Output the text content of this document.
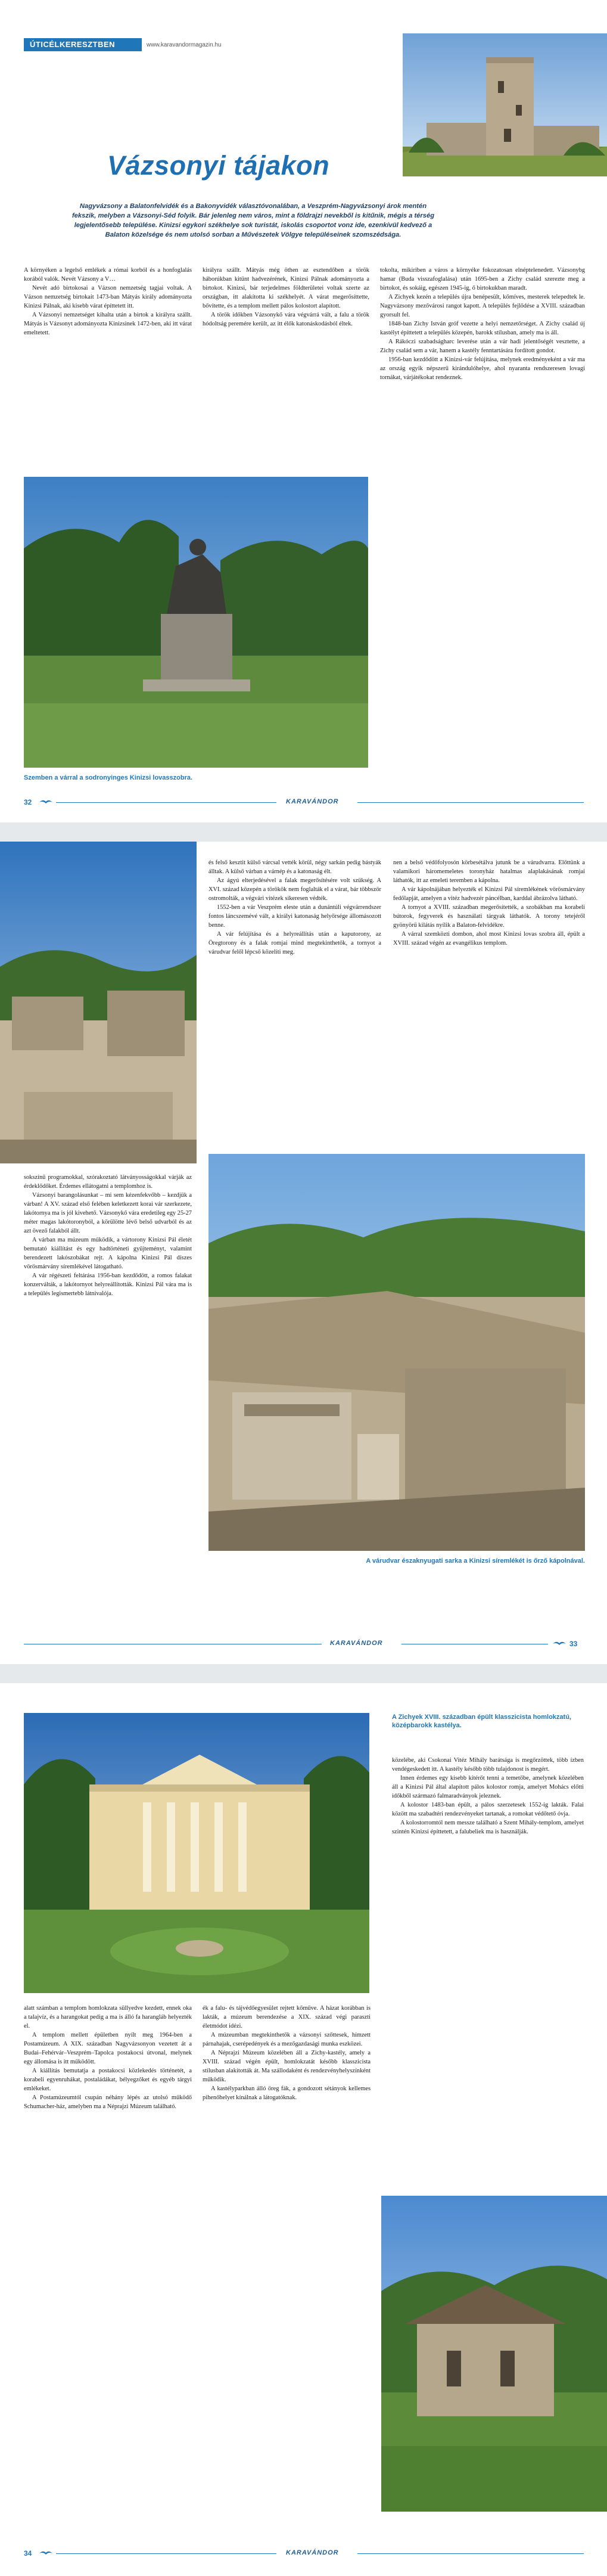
ÚTICÉLKERESZTBEN	www.karavandormagazin.hu
Vázsonyi tájakon
Nagyvázsony a Balatonfelvidék és a Bakonyvidék választóvonalában, a Veszprém-Nagyvázsonyi árok mentén fekszik, melyben a Vázsonyi-Séd folyik. Bár jelenleg nem város, mint a földrajzi nevekből is kitűnik, mégis a térség legjelentősebb települése. Kinizsi egykori székhelye sok turistát, iskolás csoportot vonz ide, ezenkívül kedvező a Balaton közelsége és nem utolsó sorban a Művészetek Völgye településeinek szomszédsága.

A környéken a legelső emlékek a római korból és a honfoglalás korából valók. Nevét Vázsony a V…

Nevét adó birtokosai a Vázson nemzetség tagjai voltak. A Vázson nemzetség birtokait 1473-ban Mátyás király adományozta Kinizsi Pálnak, aki kisebb várat építtetett itt.

A Vázsonyi nemzetséget kihalta után a birtok a királyra szállt. Mátyás is Vázsonyt adományozta Kinizsinek 1472-ben, aki itt várat emeltetett.

királyra szállt. Mátyás még öthen az esztendőben a török háborúkban kitűnt hadvezérének, Kinizsi Pálnak adományozta a birtokot. Kinizsi, bár terjedelmes földterületei voltak szerte az országban, itt alakította ki székhelyét. A várat megerősíttette, bővítette, és a templom mellett pálos kolostort alapított.

A török időkben Vázsonykő vára végvárrá vált, a falu a török hódoltság peremére került, az itt élők katonáskodásból éltek.

tokolta, mikiriben a város a környéke fokozatosan elnéptelenedett. Vázsonybg hamar (Buda visszafoglalása) után 1695-ben a Zichy család szerezte meg a birtokot, és sokáig, egészen 1945-ig, ő birtokukban maradt.

A Zichyek kezén a település újra benépesült, kőmíves, mesterek telepedtek le. Nagyvázsony mezővárosi rangot kapott. A település fejlődése a XVIII. században gyorsult fel.

1848-ban Zichy István gróf vezette a helyi nemzetőrséget. A Zichy család új kastélyt építtetett a település közepén, barokk stílusban, amely ma is áll.

A Rákóczi szabadságharc leverése után a vár hadi jelentőségét vesztette, a Zichy család sem a vár, hanem a kastély fenntartására fordított gondot.

1956-ban kezdődött a Kinizsi-vár felújítása, melynek eredményeként a vár ma az ország egyik népszerű kirándulóhelye, ahol nyaranta rendszeresen lovagi tornákat, várjátékokat rendeznek.

Szemben a várral a sodronyinges Kinizsi lovasszobra.
32	KARAVÁNDOR

sokszínű programokkal, szórakoztató látványosságokkal várják az érdeklődőket. Érdemes ellátogatni a templomhoz is.

Vázsonyi barangolásunkat – mi sem kézenfekvőbb – kezdjük a várban! A XV. század első felében keletkezett korai vár szerkezete, lakótornya ma is jól kivehető. Vázsonykő vára eredetileg egy 25-27 méter magas lakótoronyból, a körülötte lévő belső udvarból és az azt övező falakból állt.

A várban ma múzeum működik, a vártorony Kinizsi Pál életét bemutató kiállítást és egy hadtörténeti gyűjteményt, valamint berendezett lakószobákat rejt. A kápolna Kinizsi Pál díszes vörösmárvány síremlékével látogatható.

A vár régészeti feltárása 1956-ban kezdődött, a romos falakat konzerválták, a lakótornyot helyreállították. Kinizsi Pál vára ma is a település legismertebb látnivalója.

és felső kesztit külső várcsal vették körül, négy sarkán pedig bástyák álltak. A külső várban a várnép és a katonaság élt.

Az ágyú elterjedésével a falak megerősítésére volt szükség. A XVI. század közepén a törökök nem foglalták el a várat, bár többször ostromolták, a végvári vitézek sikeresen védték.

1552-ben a vár Veszprém eleste után a dunántúli végvárrendszer fontos láncszemévé vált, a királyi katonaság helyőrsége állomásozott benne.

A vár felújítása és a helyreállítás után a kaputorony, az Öregtorony és a falak romjai mind megtekinthetők, a tornyot a várudvar felől lépcső közelíti meg.

nen a belső védőfolyosón körbesétálva jutunk be a várudvarra. Előttünk a valamikori háromemeletes toronyház hatalmas alaplakásának romjai láthatók, itt az emeleti teremben a kápolna.

A vár kápolnájában helyezték el Kinizsi Pál síremlékének vörösmárvány fedőlapját, amelyen a vitéz hadvezér páncélban, karddal ábrázolva látható.

A tornyot a XVIII. században megerősítették, a szobákban ma korabeli bútorok, fegyverek és használati tárgyak láthatók. A torony tetejéről gyönyörű kilátás nyílik a Balaton-felvidékre.

A várral szemközti dombon, ahol most Kinizsi lovas szobra áll, épült a XVIII. század végén az evangélikus templom.

A várudvar északnyugati sarka a Kinizsi síremlékét is őrző kápolnával.
KARAVÁNDOR	33
A Zichyek XVIII. században épült klasszicista homlokzatú, középbarokk kastélya.

alatt számban a templom homlokzata süllyedve kezdett, ennek oka a talajvíz, és a harangokat pedig a ma is álló fa harangláb helyezték el.

A templom mellett épületben nyílt meg 1964-ben a Postamúzeum. A XIX. században Nagyvázsonyon vezetett át a Budai–Fehérvár–Veszprém–Tapolca postakocsi útvonal, melynek egy állomása is itt működött.

A kiállítás bemutatja a postakocsi közlekedés történetét, a korabeli egyenruhákat, postaládákat, bélyegzőket és egyéb tárgyi emlékeket.

A Postamúzeumtól csupán néhány lépés az utolsó működő Schumacher-ház, amelyben ma a Néprajzi Múzeum található.

ék a falu- és tájvédőegyesület rejtett kőműve. A házat korábban is lakták, a múzeum berendezése a XIX. század végi paraszti életmódot idézi.

A múzeumban megtekinthetők a vázsonyi szőttesek, hímzett párnahajak, cserépedények és a mezőgazdasági munka eszközei.

A Néprajzi Múzeum közelében áll a Zichy-kastély, amely a XVIII. század végén épült, homlokzatát később klasszicista stílusban alakították át. Ma szállodaként és rendezvényhelyszínként működik.

A kastélyparkban álló öreg fák, a gondozott sétányok kellemes pihenőhelyet kínálnak a látogatóknak.

közelébe, aki Csokonai Vitéz Mihály barátsága is megőrzöttek, több ízben vendégeskedett itt. A kastély később több tulajdonost is megért.

Innen érdemes egy kisebb kitérőt tenni a temetőbe, amelynek közelében áll a Kinizsi Pál által alapított pálos kolostor romja, amelyet Mohács előtti időkből származó falmaradványok jeleznek.

A kolostor 1483-ban épült, a pálos szerzetesek 1552-ig lakták. Falai között ma szabadtéri rendezvényeket tartanak, a romokat védőtető óvja.

A kolostorromtól nem messze található a Szent Mihály-templom, amelyet szintén Kinizsi építtetett, a falubeliek ma is használják.

34	KARAVÁNDOR
